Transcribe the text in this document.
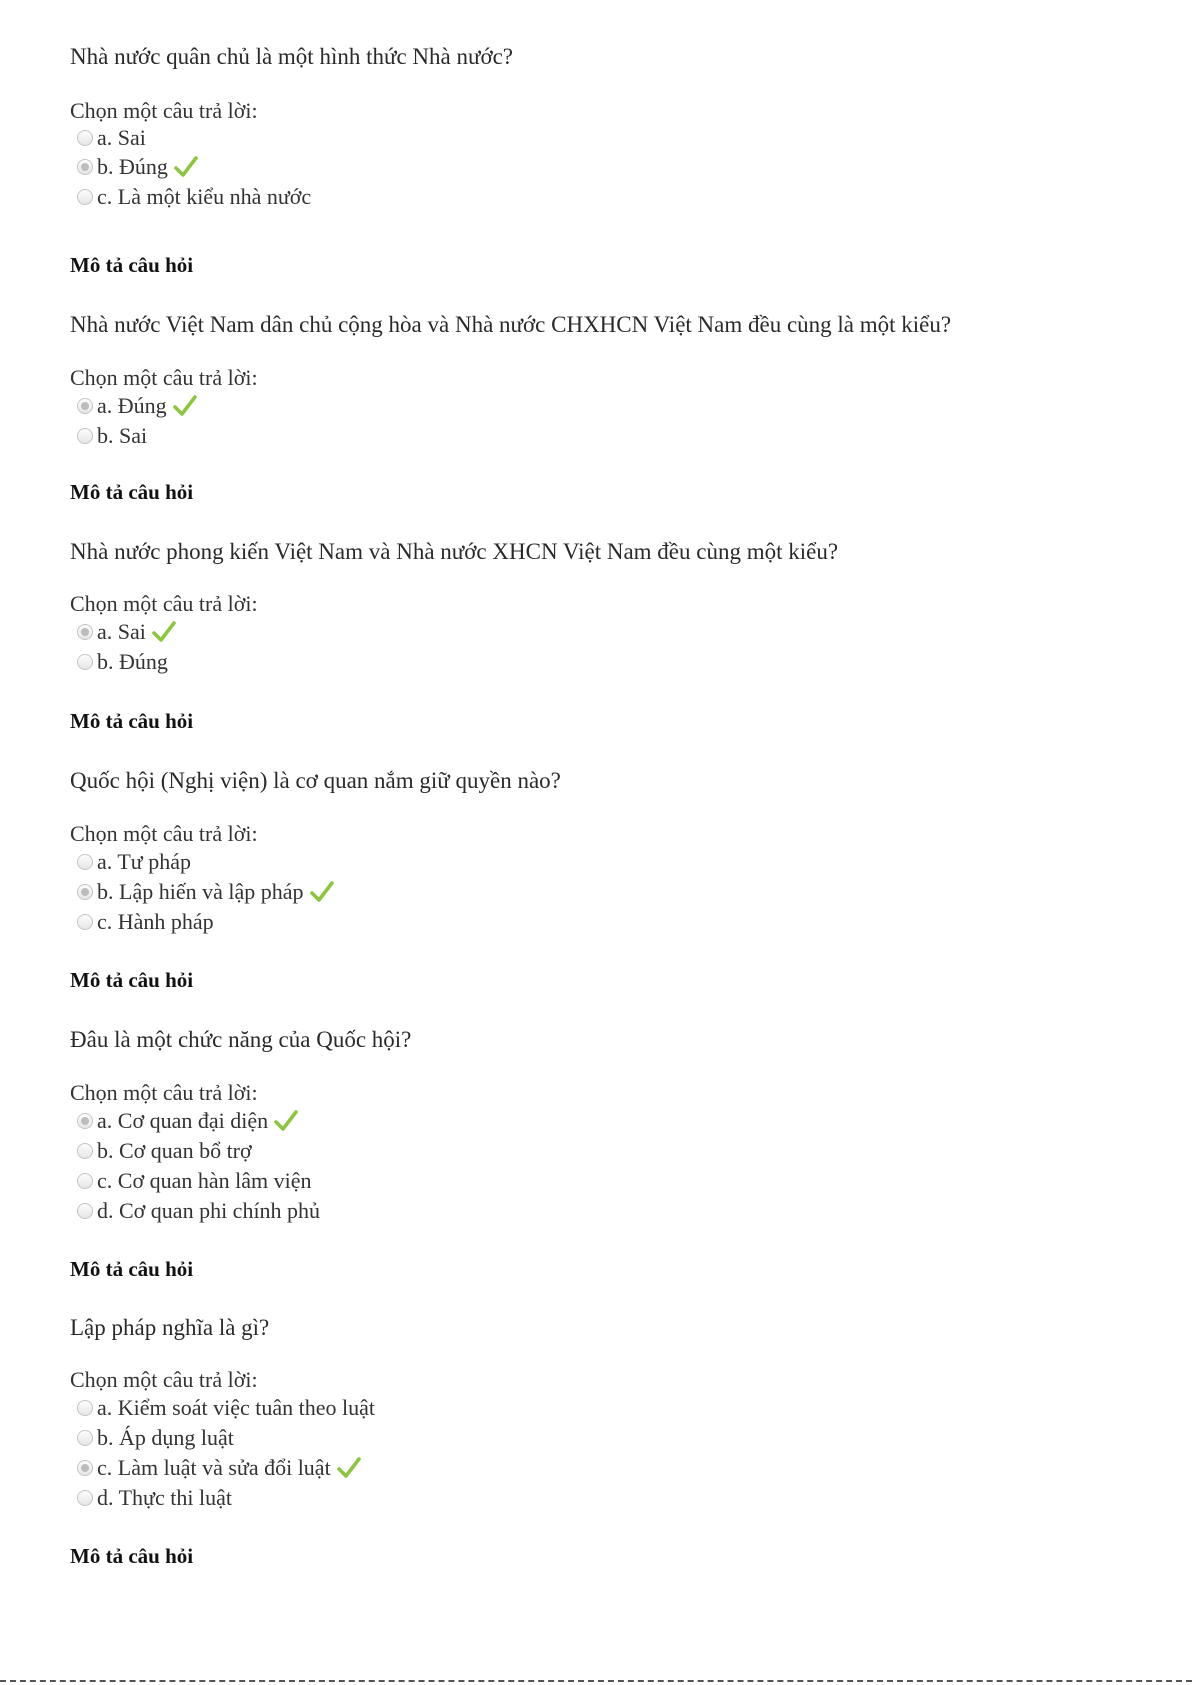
Nhà nước quân chủ là một hình thức Nhà nước?
Chọn một câu trả lời:
a. Sai
b. Đúng
c. Là một kiểu nhà nước
Mô tả câu hỏi
Nhà nước Việt Nam dân chủ cộng hòa và Nhà nước CHXHCN Việt Nam đều cùng là một kiểu?
Chọn một câu trả lời:
a. Đúng
b. Sai
Mô tả câu hỏi
Nhà nước phong kiến Việt Nam và Nhà nước XHCN Việt Nam đều cùng một kiểu?
Chọn một câu trả lời:
a. Sai
b. Đúng
Mô tả câu hỏi
Quốc hội (Nghị viện) là cơ quan nắm giữ quyền nào?
Chọn một câu trả lời:
a. Tư pháp
b. Lập hiến và lập pháp
c. Hành pháp
Mô tả câu hỏi
Đâu là một chức năng của Quốc hội?
Chọn một câu trả lời:
a. Cơ quan đại diện
b. Cơ quan bổ trợ
c. Cơ quan hàn lâm viện
d. Cơ quan phi chính phủ
Mô tả câu hỏi
Lập pháp nghĩa là gì?
Chọn một câu trả lời:
a. Kiểm soát việc tuân theo luật
b. Áp dụng luật
c. Làm luật và sửa đổi luật
d. Thực thi luật
Mô tả câu hỏi
